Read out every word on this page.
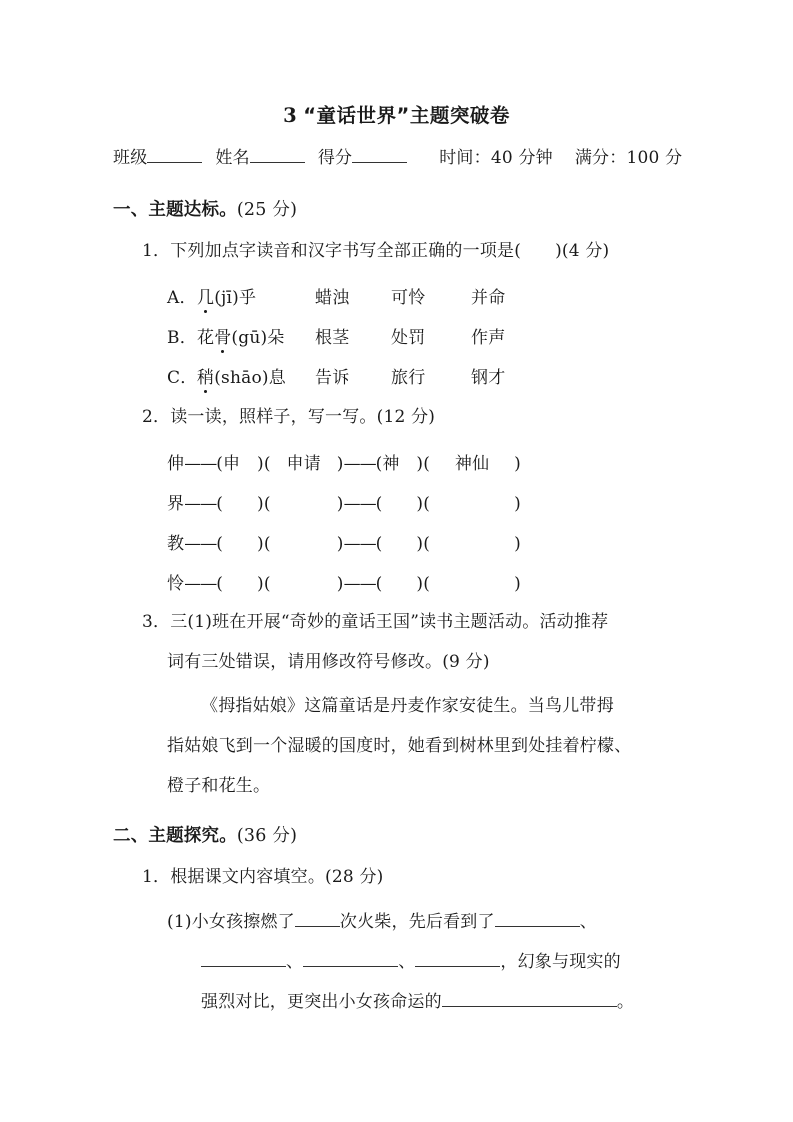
3 “童话世界”主题突破卷
班级	姓名	得分	时间：40 分钟 满分：100 分
一、主题达标。(25 分)
1．下列加点字读音和汉字书写全部正确的一项是( )(4 分)
A．几(jī)乎	蜡浊 可怜	并命
B．花骨(gū)朵 根茎 处罚	作声
C．稍(shāo)息 告诉 旅行	钢才
2．读一读，照样子，写一写。(12 分)
伸——(申 )( 申请 )——(神 )( 神仙 )
界——( )(	)——( )(	)
教——( )(	)——( )(	)
怜——( )(	)——( )(	)
3．三(1)班在开展“奇妙的童话王国”读书主题活动。活动推荐
词有三处错误，请用修改符号修改。(9 分)
《拇指姑娘》这篇童话是丹麦作家安徒生。当鸟儿带拇
指姑娘飞到一个湿暖的国度时，她看到树林里到处挂着柠檬、
橙子和花生。
二、主题探究。(36 分)
1．根据课文内容填空。(28 分)
(1)小女孩擦燃了	次火柴，先后看到了	、
、	、	，幻象与现实的
强烈对比，更突出小女孩命运的	。
